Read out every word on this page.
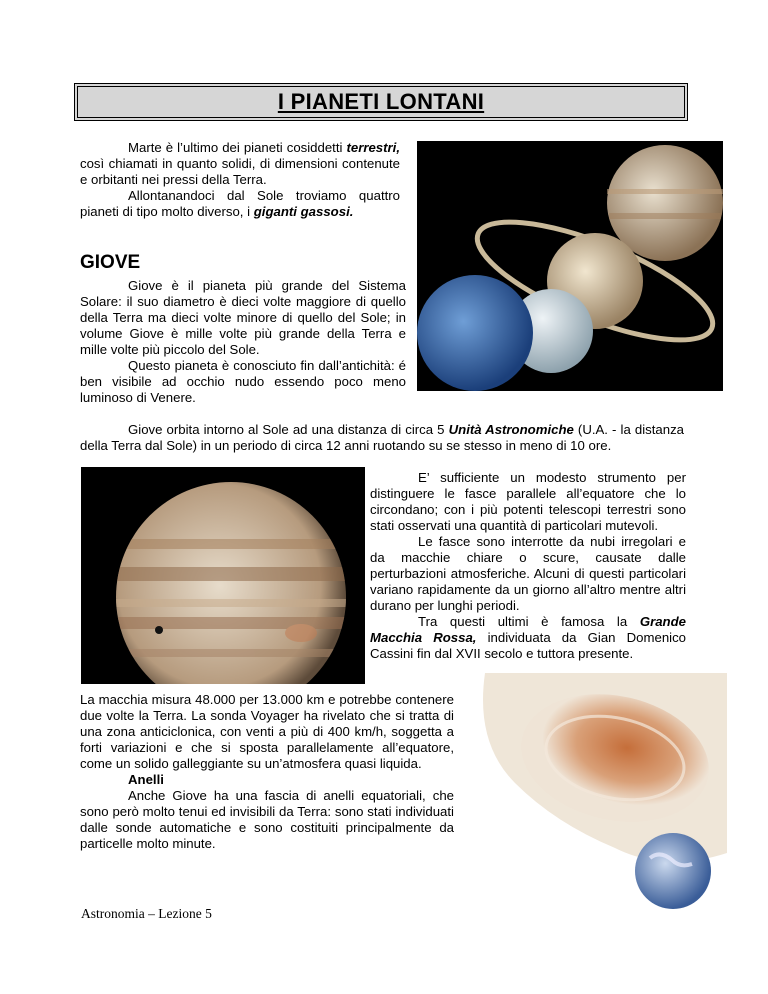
I PIANETI LONTANI

Marte è l’ultimo dei pianeti cosiddetti terrestri, così chiamati in quanto solidi, di dimensioni contenute e orbitanti nei pressi della Terra.

Allontanandoci dal Sole troviamo quattro pianeti di tipo molto diverso, i giganti gassosi.

GIOVE

Giove è il pianeta più grande del Sistema Solare: il suo diametro è dieci volte maggiore di quello della Terra ma dieci volte minore di quello del Sole; in volume Giove è mille volte più grande della Terra e mille volte più piccolo del Sole.

Questo pianeta è conosciuto fin dall’antichità: é ben visibile ad occhio nudo essendo poco meno luminoso di Venere.

Giove orbita intorno al Sole ad una distanza di circa 5 Unità Astronomiche (U.A. - la distanza della Terra dal Sole) in un periodo di circa 12 anni ruotando su se stesso in meno di 10 ore.

E’ sufficiente un modesto strumento per distinguere le fasce parallele all’equatore che lo circondano; con i più potenti telescopi terrestri sono stati osservati una quantità di particolari mutevoli.

Le fasce sono interrotte da nubi irregolari e da macchie chiare o scure, causate dalle perturbazioni atmosferiche. Alcuni di questi particolari variano rapidamente da un giorno all’altro mentre altri durano per lunghi periodi.

Tra questi ultimi è famosa la Grande Macchia Rossa, individuata da Gian Domenico Cassini fin dal XVII secolo e tuttora presente.

La macchia misura 48.000 per 13.000 km e potrebbe contenere due volte la Terra. La sonda Voyager ha rivelato che si tratta di una zona anticiclonica, con venti a più di 400 km/h, soggetta a forti variazioni e che si sposta parallelamente all’equatore, come un solido galleggiante su un’atmosfera quasi liquida.

Anelli

Anche Giove ha una fascia di anelli equatoriali, che sono però molto tenui ed invisibili da Terra: sono stati individuati dalle sonde automatiche e sono costituiti principalmente da particelle molto minute.

Astronomia – Lezione 5
